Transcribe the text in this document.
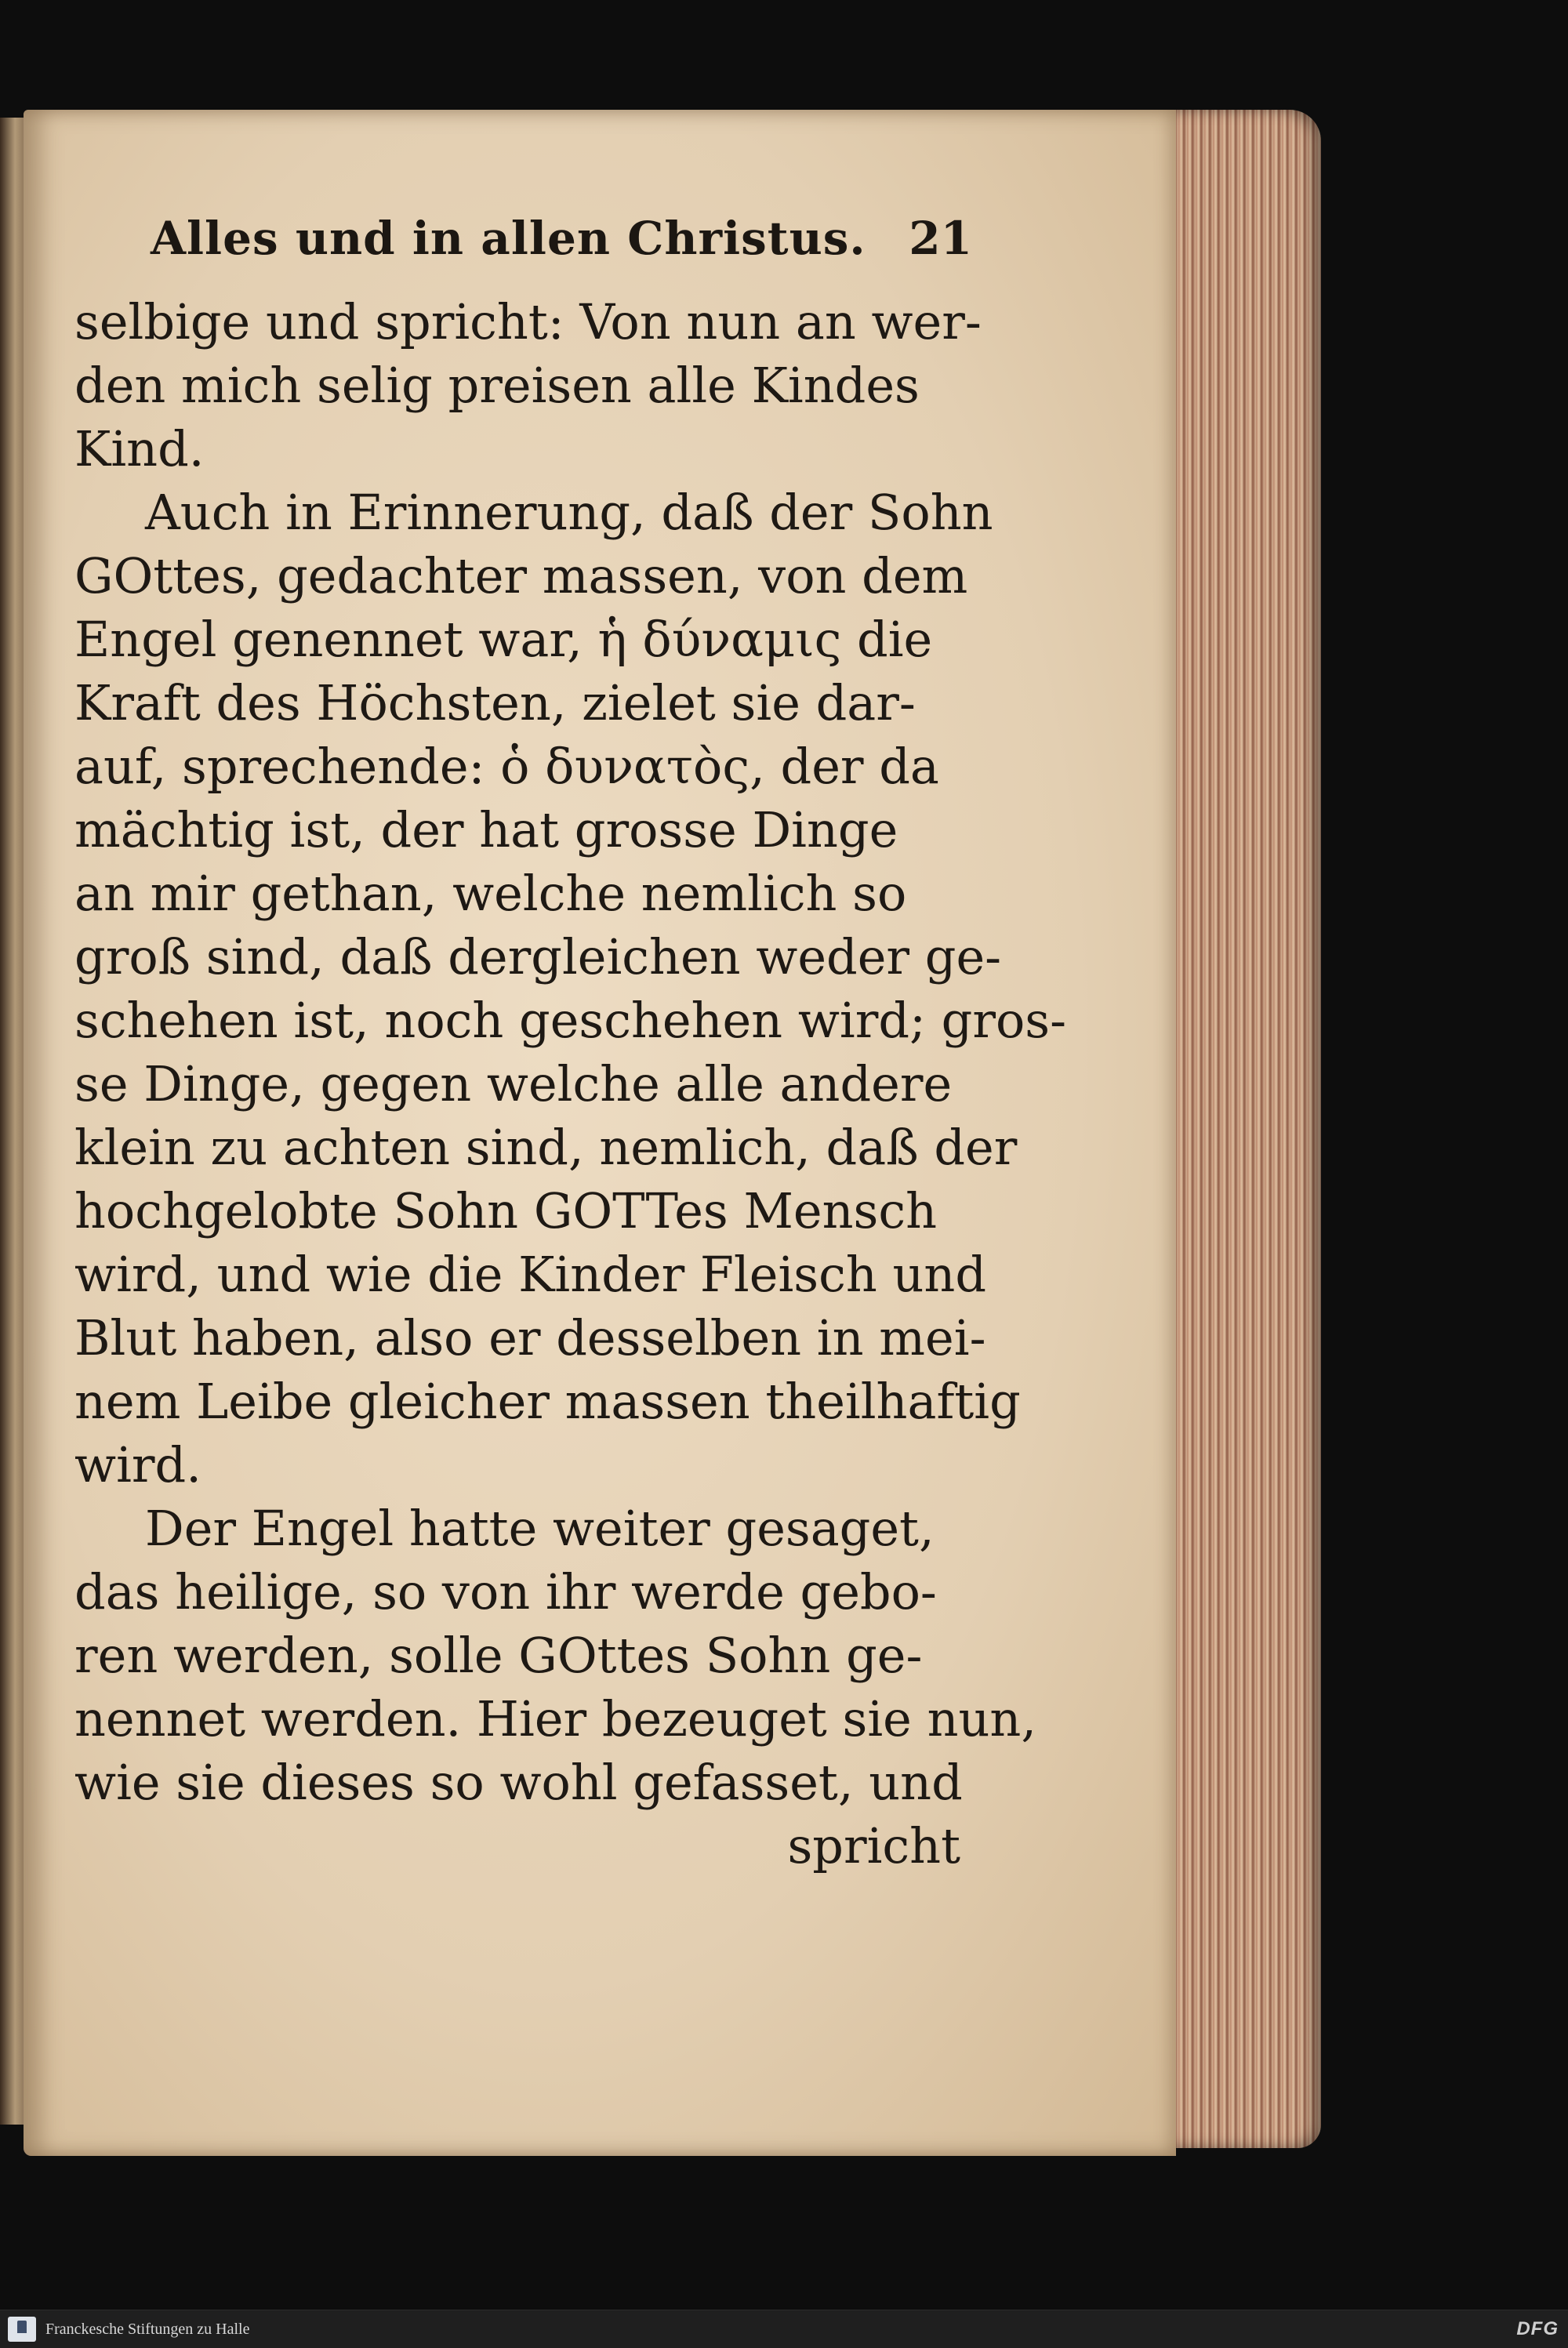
Alles und in allen Christus. 21
selbige und spricht: Von nun an wer-
den mich selig preisen alle Kindes
Kind.
Auch in Erinnerung, daß der Sohn
GOttes, gedachter massen, von dem
Engel genennet war, ἡ δύναμις die
Kraft des Höchsten, zielet sie dar-
auf, sprechende: ὁ δυνατὸς, der da
mächtig ist, der hat grosse Dinge
an mir gethan, welche nemlich so
groß sind, daß dergleichen weder ge-
schehen ist, noch geschehen wird; gros-
se Dinge, gegen welche alle andere
klein zu achten sind, nemlich, daß der
hochgelobte Sohn GOTTes Mensch
wird, und wie die Kinder Fleisch und
Blut haben, also er desselben in mei-
nem Leibe gleicher massen theilhaftig
wird.
Der Engel hatte weiter gesaget,
das heilige, so von ihr werde gebo-
ren werden, solle GOttes Sohn ge-
nennet werden. Hier bezeuget sie nun,
wie sie dieses so wohl gefasset, und
spricht
Franckesche Stiftungen zu Halle	DFG
